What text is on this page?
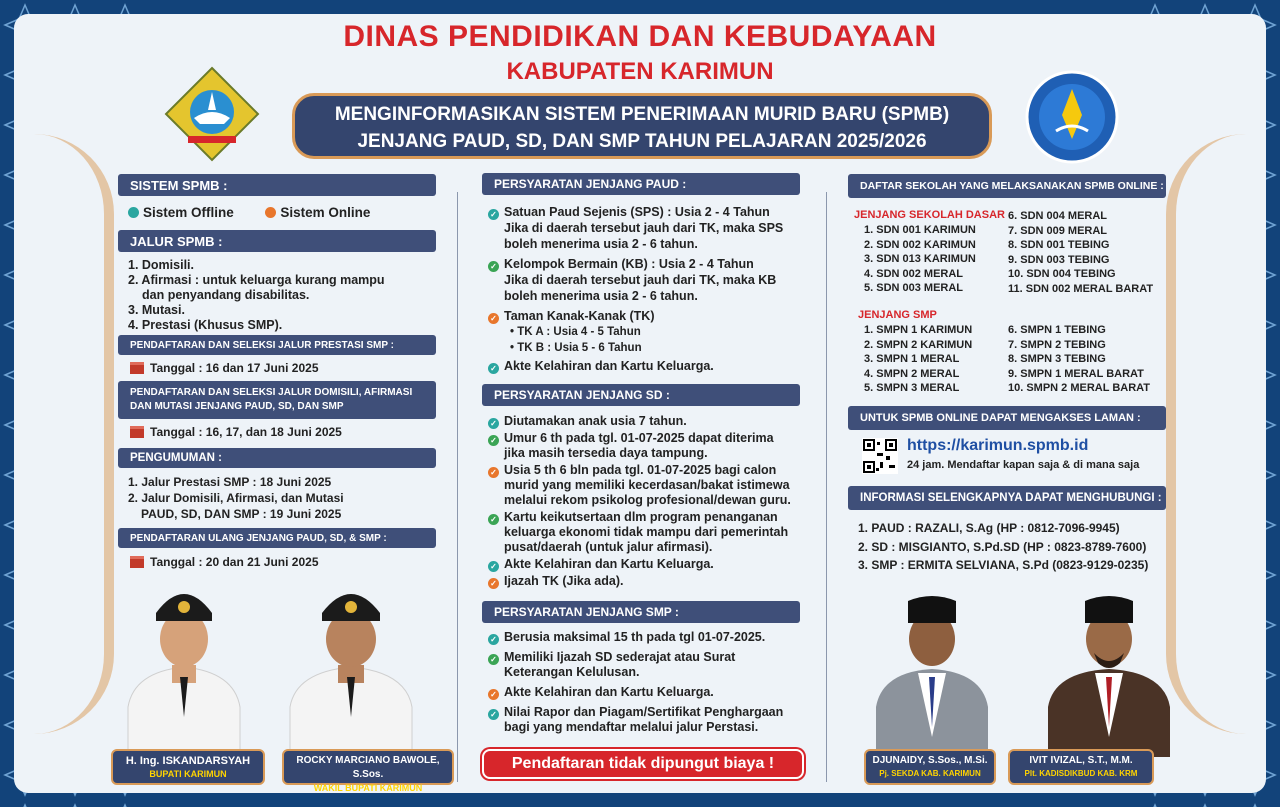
DINAS PENDIDIKAN DAN KEBUDAYAAN
KABUPATEN KARIMUN
MENGINFORMASIKAN SISTEM PENERIMAAN MURID BARU (SPMB)
JENJANG PAUD, SD, DAN SMP TAHUN PELAJARAN 2025/2026
SISTEM SPMB :
Sistem Offline	Sistem Online
JALUR SPMB :
1. Domisili.
2. Afirmasi : untuk keluarga kurang mampu
dan penyandang disabilitas.
3. Mutasi.
4. Prestasi (Khusus SMP).
PENDAFTARAN DAN SELEKSI JALUR PRESTASI SMP :
Tanggal : 16 dan 17 Juni 2025
PENDAFTARAN DAN SELEKSI JALUR DOMISILI, AFIRMASI
DAN MUTASI JENJANG PAUD, SD, DAN SMP
Tanggal : 16, 17, dan 18 Juni 2025
PENGUMUMAN :
1. Jalur Prestasi SMP : 18 Juni 2025
2. Jalur Domisili, Afirmasi, dan Mutasi
PAUD, SD, DAN SMP : 19 Juni 2025
PENDAFTARAN ULANG JENJANG PAUD, SD, & SMP :
Tanggal : 20 dan 21 Juni 2025
PERSYARATAN JENJANG PAUD :
✓ Satuan Paud Sejenis (SPS) : Usia 2 - 4 Tahun
Jika di daerah tersebut jauh dari TK, maka SPS
boleh menerima usia 2 - 6 tahun.
✓ Kelompok Bermain (KB) : Usia 2 - 4 Tahun
Jika di daerah tersebut jauh dari TK, maka KB
boleh menerima usia 2 - 6 tahun.
✓ Taman Kanak-Kanak (TK)
• TK A : Usia 4 - 5 Tahun
• TK B : Usia 5 - 6 Tahun
✓ Akte Kelahiran dan Kartu Keluarga.
PERSYARATAN JENJANG SD :
✓ Diutamakan anak usia 7 tahun.
✓ Umur 6 th pada tgl. 01-07-2025 dapat diterima
jika masih tersedia daya tampung.
✓ Usia 5 th 6 bln pada tgl. 01-07-2025 bagi calon
murid yang memiliki kecerdasan/bakat istimewa
melalui rekom psikolog profesional/dewan guru.
✓ Kartu keikutsertaan dlm program penanganan
keluarga ekonomi tidak mampu dari pemerintah
pusat/daerah (untuk jalur afirmasi).
✓ Akte Kelahiran dan Kartu Keluarga.
✓ Ijazah TK (Jika ada).
PERSYARATAN JENJANG SMP :
✓ Berusia maksimal 15 th pada tgl 01-07-2025.
✓ Memiliki Ijazah SD sederajat atau Surat
Keterangan Kelulusan.
✓ Akte Kelahiran dan Kartu Keluarga.
✓ Nilai Rapor dan Piagam/Sertifikat Penghargaan
bagi yang mendaftar melalui jalur Perstasi.
Pendaftaran tidak dipungut biaya !
DAFTAR SEKOLAH YANG MELAKSANAKAN SPMB ONLINE :
JENJANG SEKOLAH DASAR
1. SDN 001 KARIMUN
2. SDN 002 KARIMUN
3. SDN 013 KARIMUN
4. SDN 002 MERAL
5. SDN 003 MERAL
6. SDN 004 MERAL
7. SDN 009 MERAL
8. SDN 001 TEBING
9. SDN 003 TEBING
10. SDN 004 TEBING
11. SDN 002 MERAL BARAT
JENJANG SMP
1. SMPN 1 KARIMUN
2. SMPN 2 KARIMUN
3. SMPN 1 MERAL
4. SMPN 2 MERAL
5. SMPN 3 MERAL
6. SMPN 1 TEBING
7. SMPN 2 TEBING
8. SMPN 3 TEBING
9. SMPN 1 MERAL BARAT
10. SMPN 2 MERAL BARAT
UNTUK SPMB ONLINE DAPAT MENGAKSES LAMAN :
https://karimun.spmb.id
24 jam. Mendaftar kapan saja & di mana saja
INFORMASI SELENGKAPNYA DAPAT MENGHUBUNGI :
1. PAUD : RAZALI, S.Ag (HP : 0812-7096-9945)
2. SD : MISGIANTO, S.Pd.SD (HP : 0823-8789-7600)
3. SMP : ERMITA SELVIANA, S.Pd (0823-9129-0235)
H. Ing. ISKANDARSYAH
BUPATI KARIMUN
ROCKY MARCIANO BAWOLE, S.Sos.
WAKIL BUPATI KARIMUN
DJUNAIDY, S.Sos., M.Si.
Pj. SEKDA KAB. KARIMUN
IVIT IVIZAL, S.T., M.M.
Plt. KADISDIKBUD KAB. KRM
